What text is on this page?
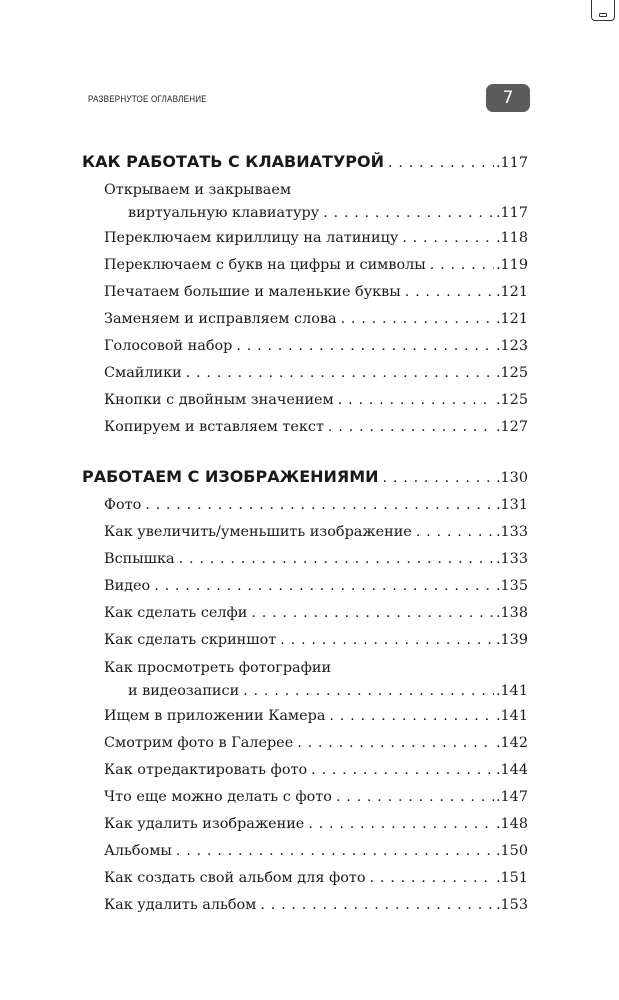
РАЗВЕРНУТОЕ ОГЛАВЛЕНИЕ	7
КАК РАБОТАТЬ С КЛАВИАТУРОЙ . . .	.117
Открываем и закрываем
виртуальную клавиатуру . . .	.117
Переключаем кириллицу на латиницу . . .	.118
Переключаем с букв на цифры и символы . . .	.119
Печатаем большие и маленькие буквы . . .	.121
Заменяем и исправляем слова . . .	.121
Голосовой набор . . .	.123
Смайлики . . .	.125
Кнопки с двойным значением . . .	.125
Копируем и вставляем текст . . .	.127
РАБОТАЕМ С ИЗОБРАЖЕНИЯМИ . . .	.130
Фото . . .	.131
Как увеличить/уменьшить изображение . . .	.133
Вспышка . . .	.133
Видео . . .	.135
Как сделать селфи . . .	.138
Как сделать скриншот . . .	.139
Как просмотреть фотографии
и видеозаписи . . .	.141
Ищем в приложении Камера . . .	.141
Смотрим фото в Галерее . . .	.142
Как отредактировать фото . . .	.144
Что еще можно делать с фото . . .	.147
Как удалить изображение . . .	.148
Альбомы . . .	.150
Как создать свой альбом для фото . . .	.151
Как удалить альбом . . .	.153
